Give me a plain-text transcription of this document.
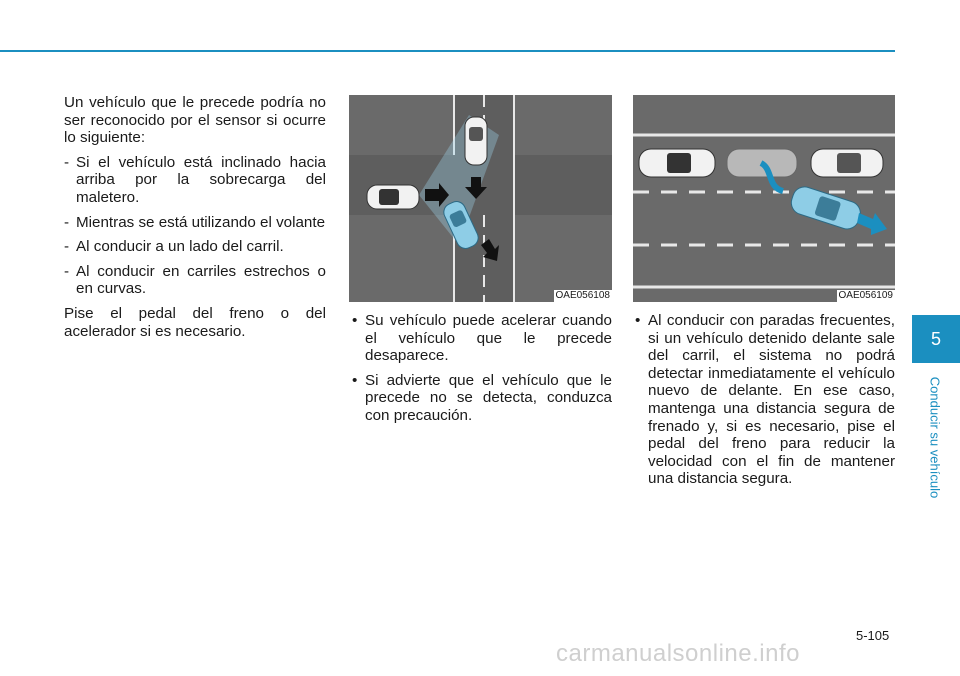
Un vehículo que le precede podría no ser reconocido por el sensor si ocurre lo siguiente:

- Si el vehículo está inclinado hacia arriba por la sobrecarga del maletero.

- Mientras se está utilizando el volante

- Al conducir a un lado del carril.

- Al conducir en carriles estrechos o en curvas.

Pise el pedal del freno o del acelerador si es necesario.

OAE056108	OAE056109

• Su vehículo puede acelerar cuando el vehículo que le precede desaparece.

• Si advierte que el vehículo que le precede no se detecta, conduzca con precaución.

• Al conducir con paradas frecuentes, si un vehículo detenido delante sale del carril, el sistema no podrá detectar inmediatamente el vehículo nuevo de delante. En ese caso, mantenga una distancia segura de frenado y, si es necesario, pise el pedal del freno para reducir la velocidad con el fin de mantener una distancia segura.

5
Conducir su vehículo
5-105
carmanualsonline.info
